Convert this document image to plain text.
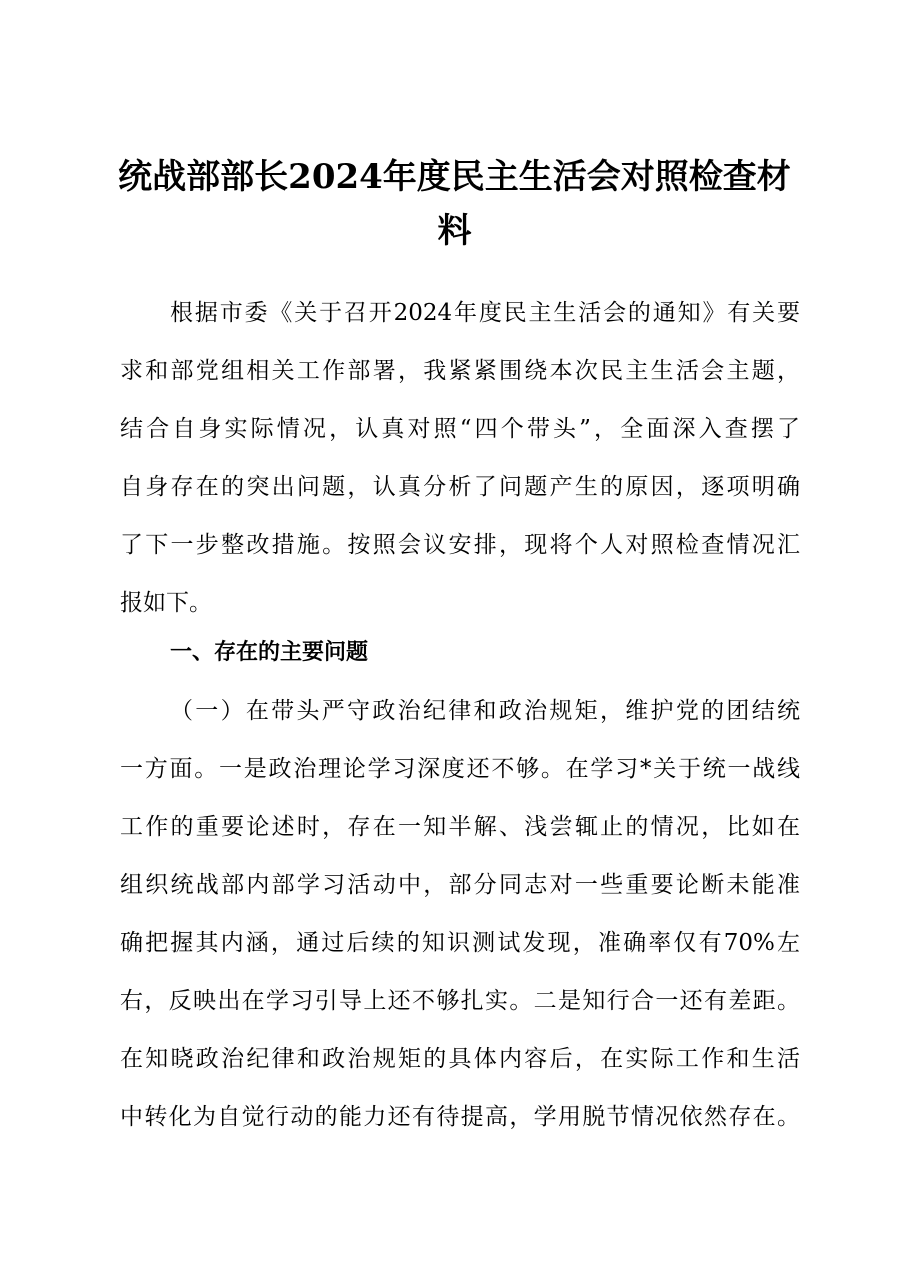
统战部部长2024年度民主生活会对照检查材
料
根据市委《关于召开2024年度民主生活会的通知》有关要
求和部党组相关工作部署，我紧紧围绕本次民主生活会主题，
结合自身实际情况，认真对照“四个带头”，全面深入查摆了
自身存在的突出问题，认真分析了问题产生的原因，逐项明确
了下一步整改措施。按照会议安排，现将个人对照检查情况汇
报如下。
一、存在的主要问题
（一）在带头严守政治纪律和政治规矩，维护党的团结统
一方面。一是政治理论学习深度还不够。在学习*关于统一战线
工作的重要论述时，存在一知半解、浅尝辄止的情况，比如在
组织统战部内部学习活动中，部分同志对一些重要论断未能准
确把握其内涵，通过后续的知识测试发现，准确率仅有70%左
右，反映出在学习引导上还不够扎实。二是知行合一还有差距。
在知晓政治纪律和政治规矩的具体内容后，在实际工作和生活
中转化为自觉行动的能力还有待提高，学用脱节情况依然存在。
